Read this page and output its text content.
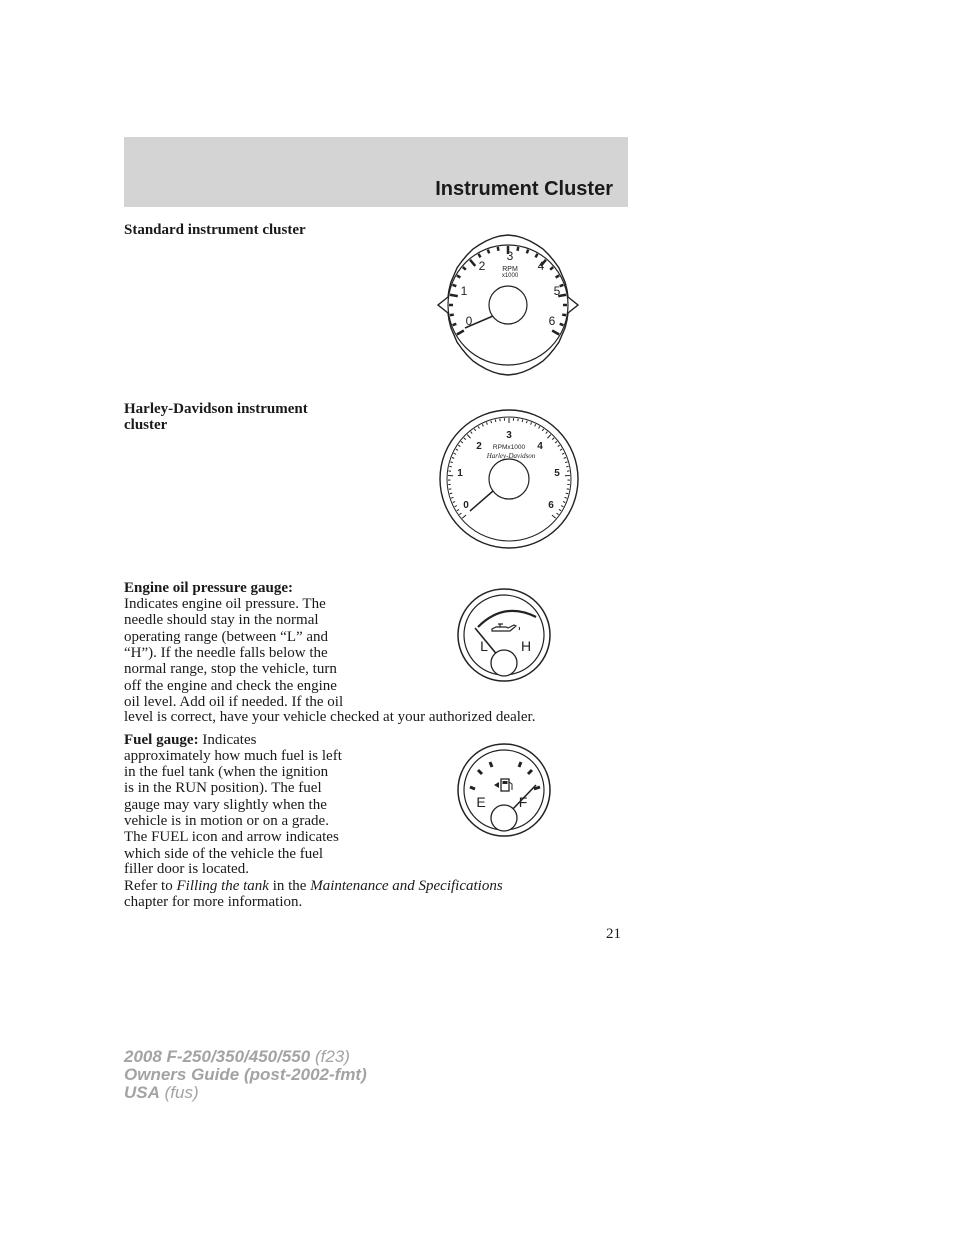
Instrument Cluster
Standard instrument cluster
0
1
2
3
4
5
6
RPM
x1000
Harley-Davidson instrument
cluster
0
1
2
3
4
5
6
RPMx1000
Harley-Davidson
Engine oil pressure gauge:
Indicates engine oil pressure. The
needle should stay in the normal
operating range (between “L” and
“H”). If the needle falls below the
normal range, stop the vehicle, turn
off the engine and check the engine
oil level. Add oil if needed. If the oil
level is correct, have your vehicle checked at your authorized dealer.
L H
Fuel gauge: Indicates
approximately how much fuel is left
in the fuel tank (when the ignition
is in the RUN position). The fuel
gauge may vary slightly when the
vehicle is in motion or on a grade.
The FUEL icon and arrow indicates
which side of the vehicle the fuel
filler door is located.
Refer to Filling the tank in the Maintenance and Specifications
chapter for more information.
E F
21
2008 F-250/350/450/550 (f23)
Owners Guide (post-2002-fmt)
USA (fus)
